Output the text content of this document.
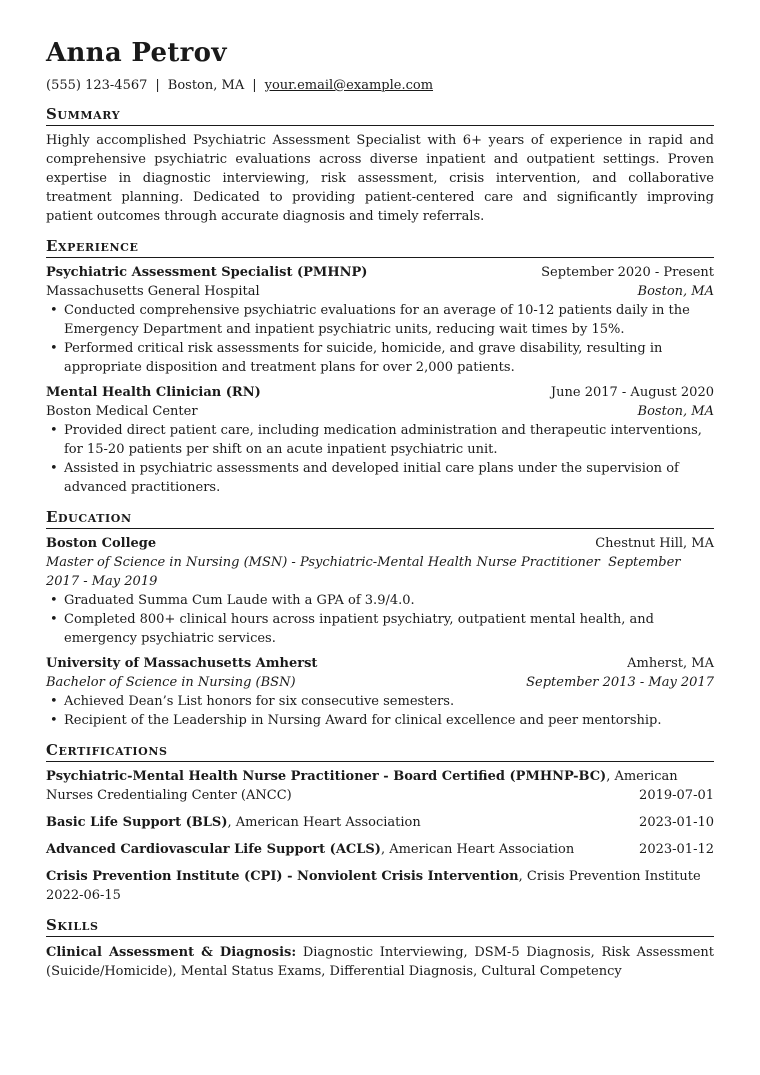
Anna Petrov
(555) 123-4567 | Boston, MA | your.email@example.com
Summary
Highly accomplished Psychiatric Assessment Specialist with 6+ years of experience in rapid and comprehensive psychiatric evaluations across diverse inpatient and outpatient settings. Proven expertise in diagnostic interviewing, risk assessment, crisis intervention, and collaborative treatment planning. Dedicated to providing patient-centered care and significantly improving patient outcomes through accurate diagnosis and timely referrals.
Experience
Psychiatric Assessment Specialist (PMHNP)	September 2020 - Present
Massachusetts General Hospital	Boston, MA
• Conducted comprehensive psychiatric evaluations for an average of 10-12 patients daily in the Emergency Department and inpatient psychiatric units, reducing wait times by 15%.
• Performed critical risk assessments for suicide, homicide, and grave disability, resulting in appropriate disposition and treatment plans for over 2,000 patients.
Mental Health Clinician (RN)	June 2017 - August 2020
Boston Medical Center	Boston, MA
• Provided direct patient care, including medication administration and therapeutic interventions, for 15-20 patients per shift on an acute inpatient psychiatric unit.
• Assisted in psychiatric assessments and developed initial care plans under the supervision of advanced practitioners.
Education
Boston College	Chestnut Hill, MA
Master of Science in Nursing (MSN) - Psychiatric-Mental Health Nurse Practitioner September 2017 - May 2019
• Graduated Summa Cum Laude with a GPA of 3.9/4.0.
• Completed 800+ clinical hours across inpatient psychiatry, outpatient mental health, and emergency psychiatric services.
University of Massachusetts Amherst	Amherst, MA
Bachelor of Science in Nursing (BSN)	September 2013 - May 2017
• Achieved Dean’s List honors for six consecutive semesters.
• Recipient of the Leadership in Nursing Award for clinical excellence and peer mentorship.
Certifications
Psychiatric-Mental Health Nurse Practitioner - Board Certified (PMHNP-BC), American
Nurses Credentialing Center (ANCC)	2019-07-01
Basic Life Support (BLS), American Heart Association	2023-01-10
Advanced Cardiovascular Life Support (ACLS), American Heart Association	2023-01-12
Crisis Prevention Institute (CPI) - Nonviolent Crisis Intervention, Crisis Prevention Institute
2022-06-15
Skills
Clinical Assessment & Diagnosis: Diagnostic Interviewing, DSM-5 Diagnosis, Risk Assessment (Suicide/Homicide), Mental Status Exams, Differential Diagnosis, Cultural Competency
